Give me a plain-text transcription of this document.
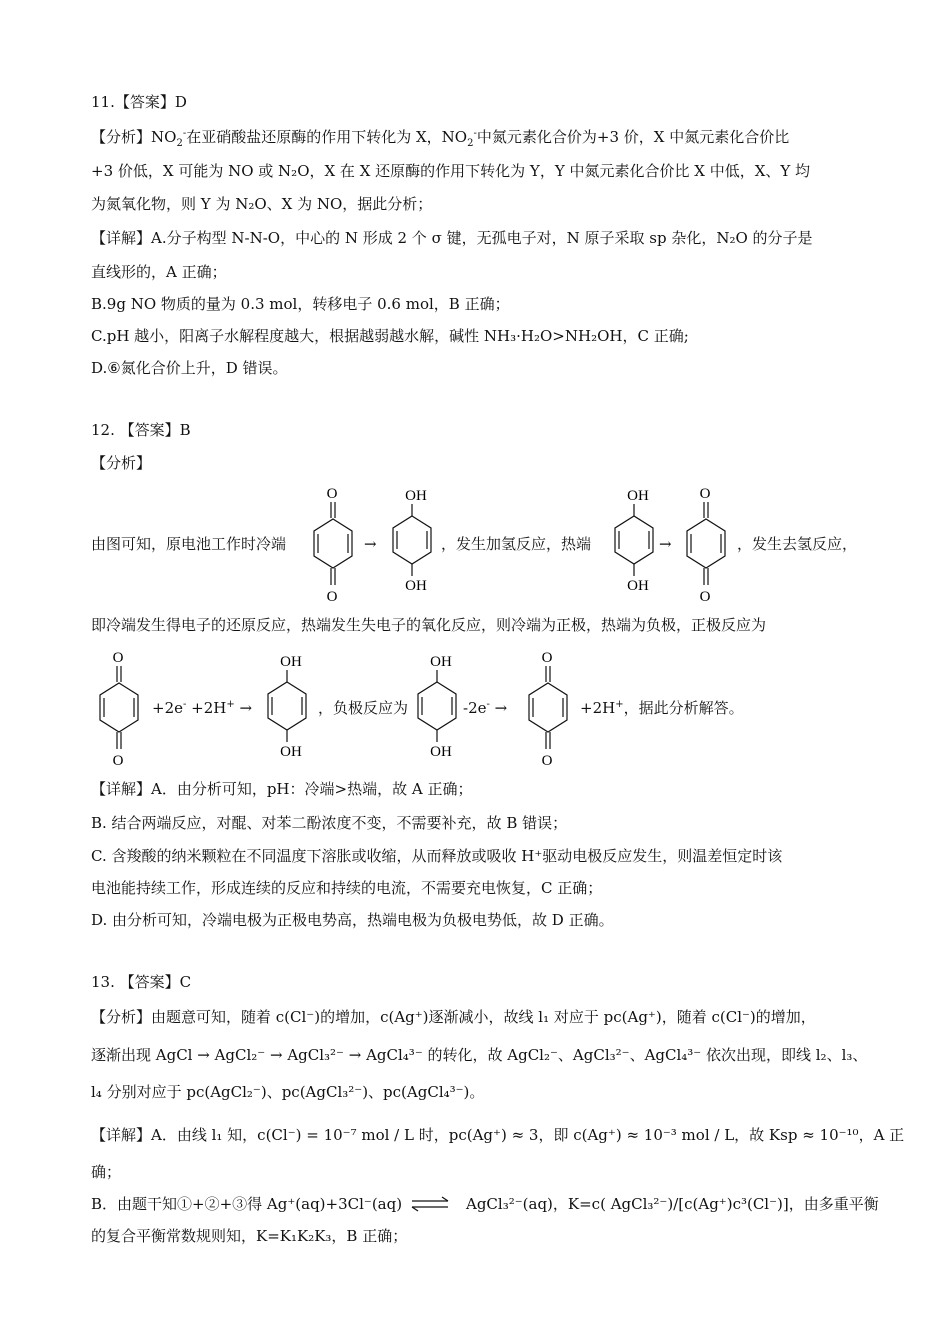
11.【答案】D
【分析】$NO_2^-$在亚硝酸盐还原酶的作用下转化为 X，$NO_2^-$中氮元素化合价为+3 价，X 中氮元素化合价比
+3 价低，X 可能为 NO 或 N₂O，X 在 X 还原酶的作用下转化为 Y，Y 中氮元素化合价比 X 中低，X、Y 均
为氮氧化物，则 Y 为 N₂O、X 为 NO，据此分析；
【详解】A.分子构型 N-N-O，中心的 N 形成 2 个 σ 键，无孤电子对，N 原子采取 sp 杂化，N₂O 的分子是
直线形的，A 正确；
B.9g NO 物质的量为 0.3 mol，转移电子 0.6 mol，B 正确；
C.pH 越小，阳离子水解程度越大，根据越弱越水解，碱性 NH₃·H₂O>NH₂OH，C 正确;
D.⑥氮化合价上升，D 错误。
12. 【答案】B
【分析】
由图可知，原电池工作时冷端	→	，发生加氢反应，热端	→	，发生去氢反应，
O
O
OH
OH
OH
OH
O
O
即冷端发生得电子的还原反应，热端发生失电子的氧化反应，则冷端为正极，热端为负极，正极反应为
O
O
+2e- +2H+ →
OH
OH
，负极反应为
OH
OH
-2e- →
O
O
+2H+，据此分析解答。
【详解】A．由分析可知，pH：冷端>热端，故 A 正确；
B. 结合两端反应，对醌、对苯二酚浓度不变，不需要补充，故 B 错误；
C. 含羧酸的纳米颗粒在不同温度下溶胀或收缩，从而释放或吸收 H⁺驱动电极反应发生，则温差恒定时该
电池能持续工作，形成连续的反应和持续的电流，不需要充电恢复，C 正确；
D. 由分析可知，冷端电极为正极电势高，热端电极为负极电势低，故 D 正确。
13. 【答案】C
【分析】由题意可知，随着 c(Cl⁻)的增加，c(Ag⁺)逐渐减小，故线 l₁ 对应于 pc(Ag⁺)，随着 c(Cl⁻)的增加，
逐渐出现 AgCl → AgCl₂⁻ → AgCl₃²⁻ → AgCl₄³⁻ 的转化，故 AgCl₂⁻、AgCl₃²⁻、AgCl₄³⁻ 依次出现，即线 l₂、l₃、
l₄ 分别对应于 pc(AgCl₂⁻)、pc(AgCl₃²⁻)、pc(AgCl₄³⁻)。
【详解】A．由线 l₁ 知，c(Cl⁻) = 10⁻⁷ mol / L 时，pc(Ag⁺) ≈ 3，即 c(Ag⁺) ≈ 10⁻³ mol / L，故 Ksp ≈ 10⁻¹⁰，A 正
确；
B．由题干知①+②+③得 Ag⁺(aq)+3Cl⁻(aq) ⇌ AgCl₃²⁻(aq)，K=c( AgCl₃²⁻)/[c(Ag⁺)c³(Cl⁻)]，由多重平衡
的复合平衡常数规则知，K=K₁K₂K₃，B 正确；
